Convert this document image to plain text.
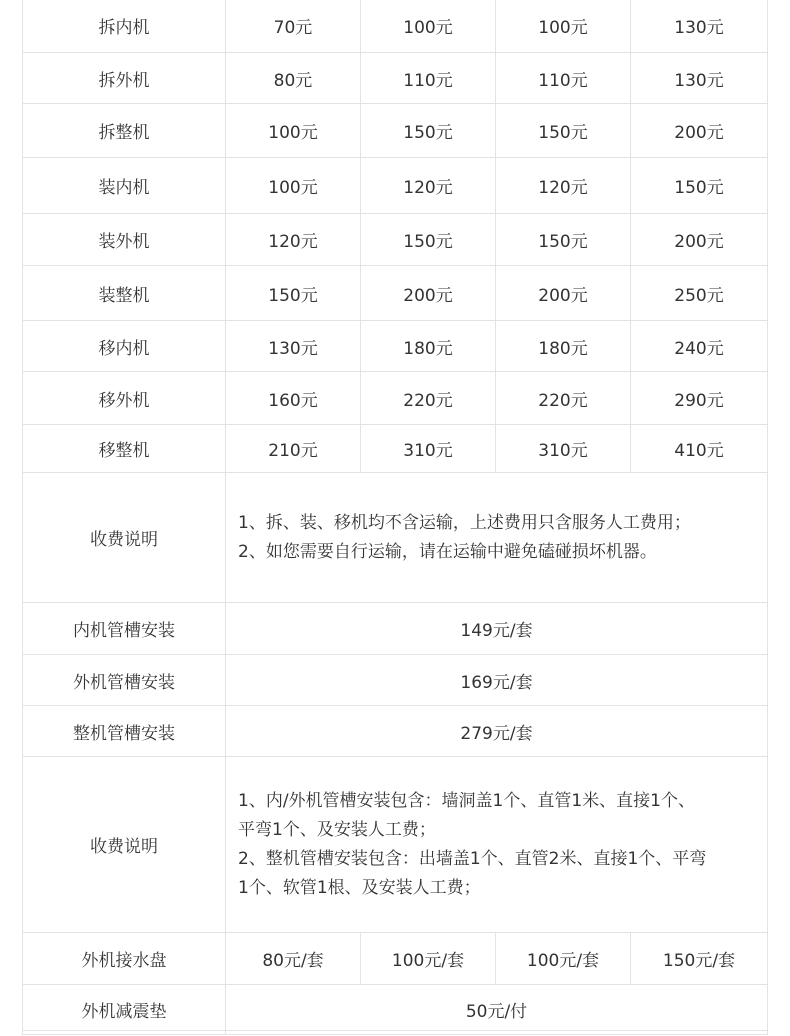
拆内机	70元	100元	100元	130元
拆外机	80元	110元	110元	130元
拆整机	100元	150元	150元	200元
装内机	100元	120元	120元	150元
装外机	120元	150元	150元	200元
装整机	150元	200元	200元	250元
移内机	130元	180元	180元	240元
移外机	160元	220元	220元	290元
移整机	210元	310元	310元	410元
收费说明	1、拆、装、移机均不含运输，上述费用只含服务人工费用；
2、如您需要自行运输，请在运输中避免磕碰损坏机器。			

内机管槽安装	149元/套			
外机管槽安装	169元/套			
整机管槽安装	279元/套			
收费说明	1、内/外机管槽安装包含：墙洞盖1个、直管1米、直接1个、
平弯1个、及安装人工费；
2、整机管槽安装包含：出墙盖1个、直管2米、直接1个、平弯
1个、软管1根、及安装人工费；			

外机接水盘	80元/套	100元/套	100元/套	150元/套
外机减震垫	50元/付			
